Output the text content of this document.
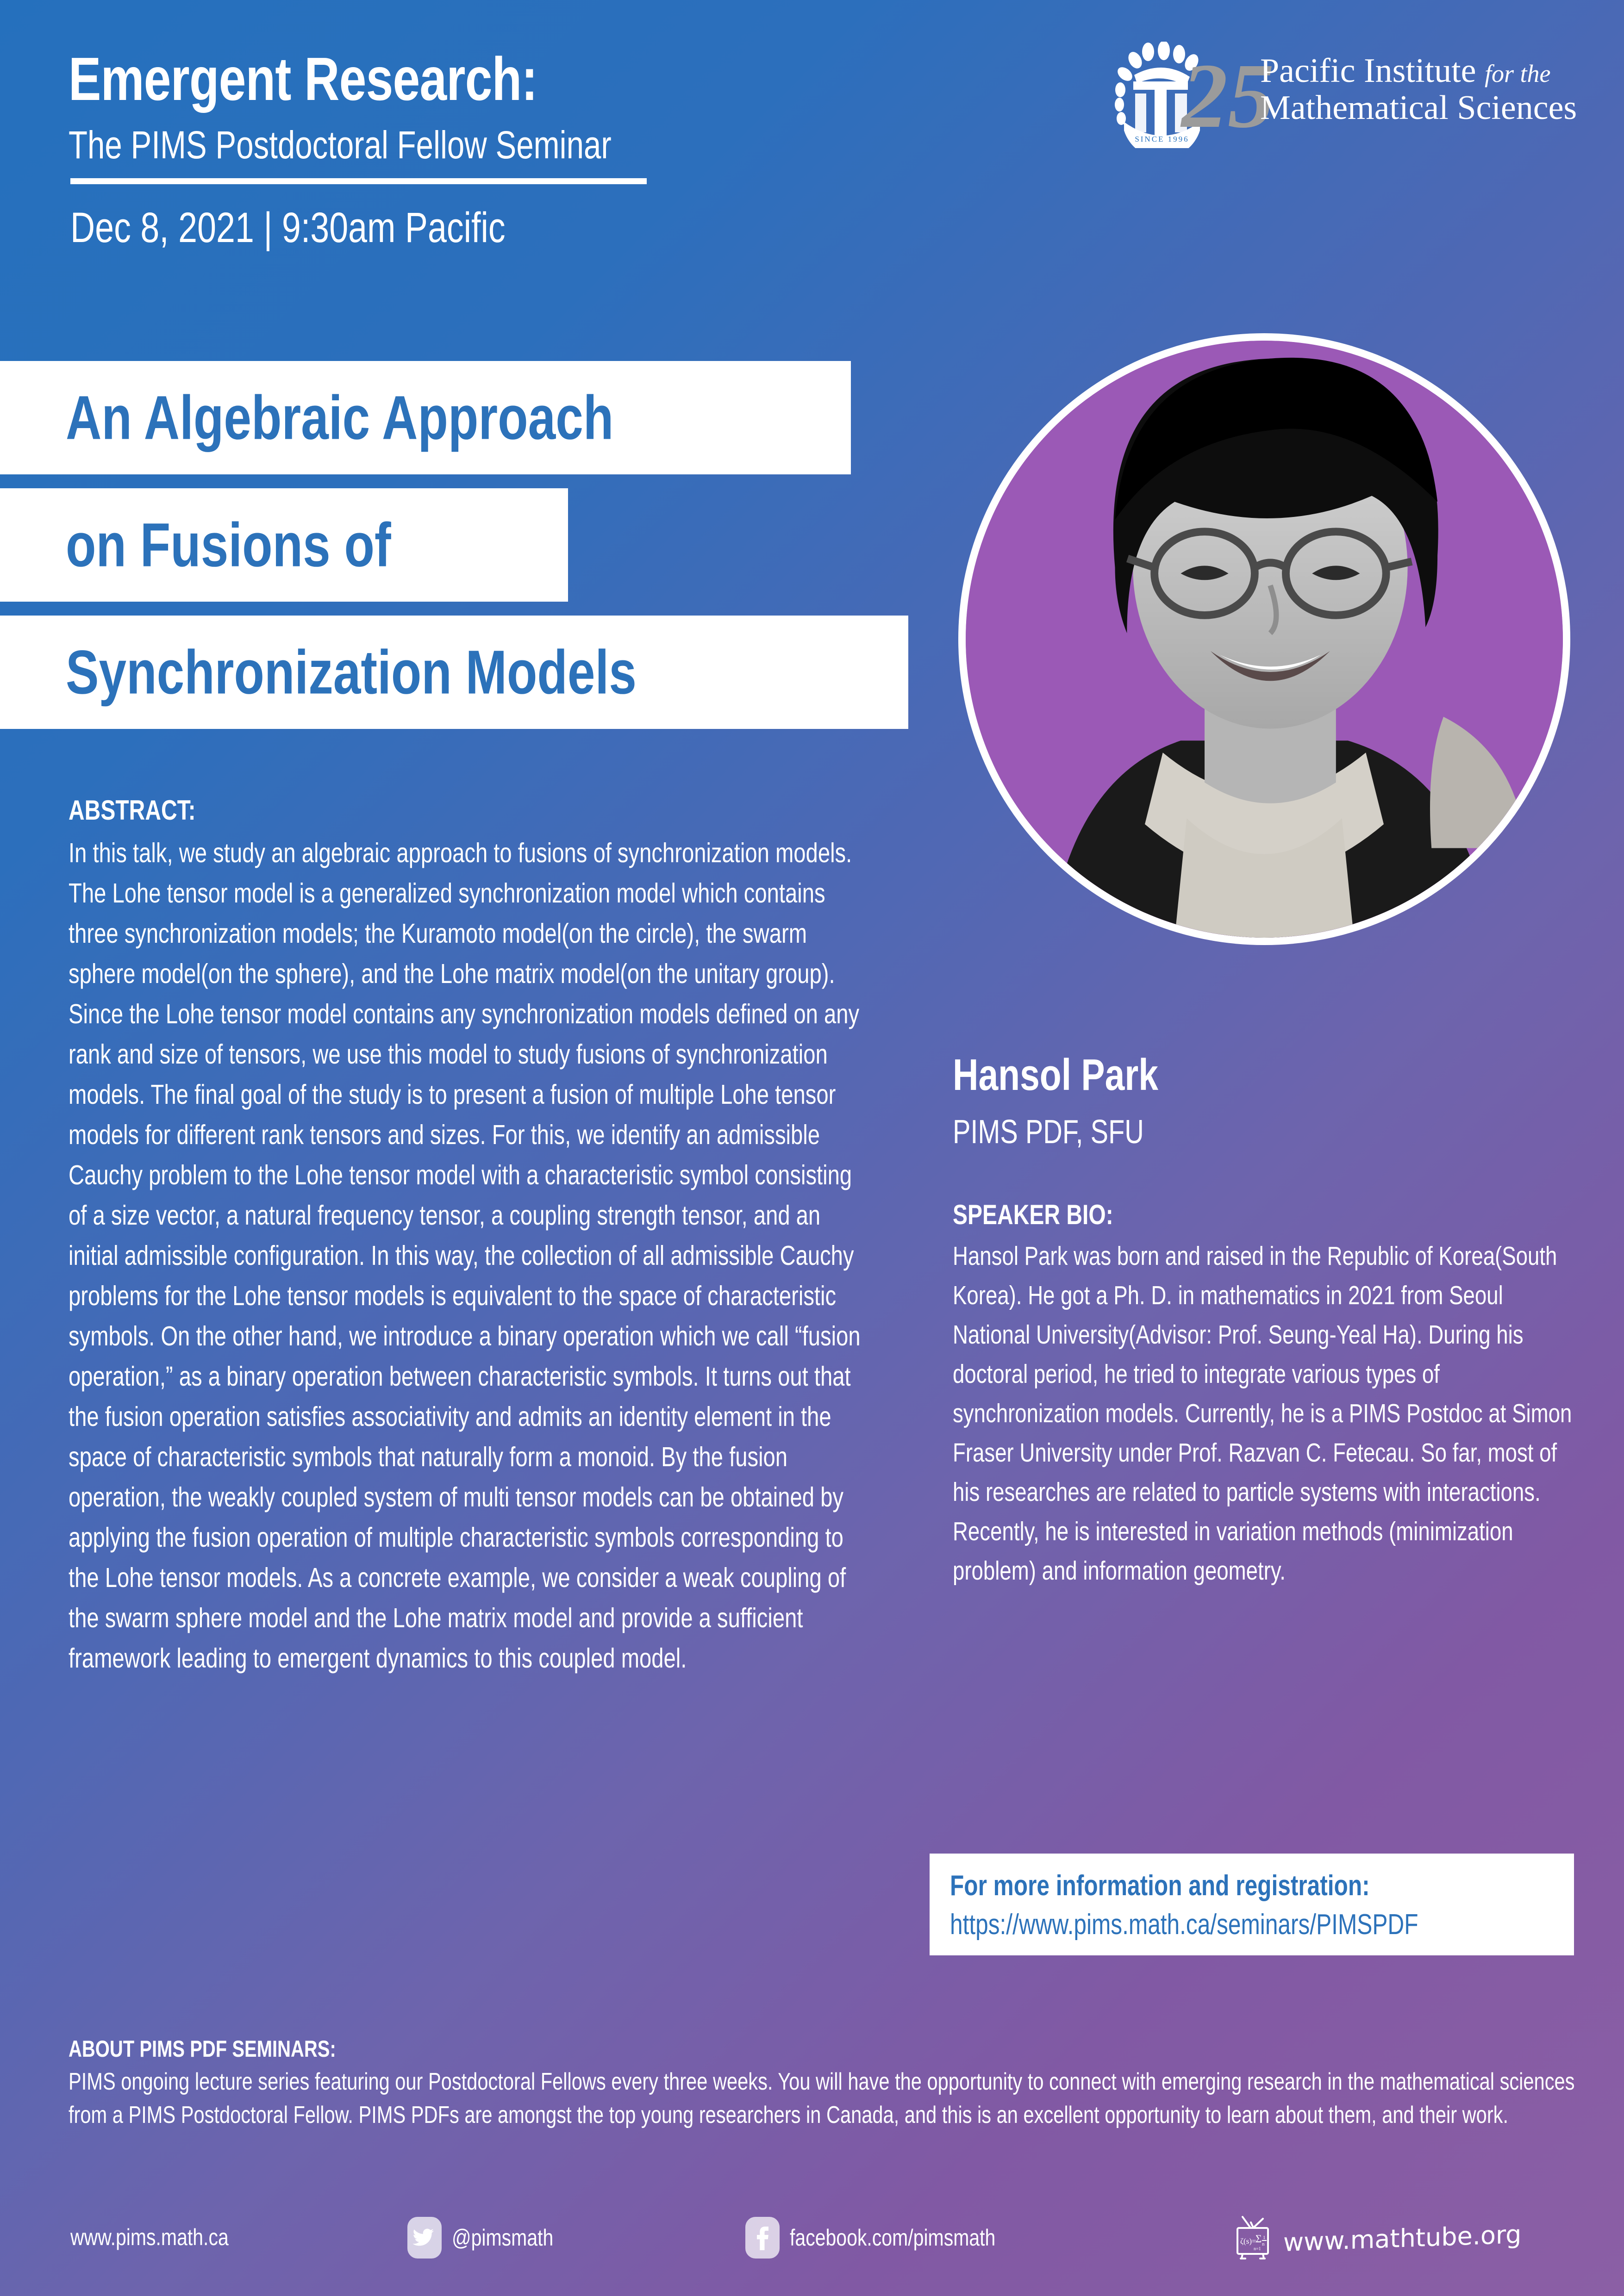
Emergent Research:
The PIMS Postdoctoral Fellow Seminar
Dec 8, 2021 | 9:30am Pacific
SINCE 1996
25
Pacific Institute for the
Mathematical Sciences
An Algebraic Approach
on Fusions of
Synchronization Models
ABSTRACT:
In this talk, we study an algebraic approach to fusions of synchronization models. The Lohe tensor model is a generalized synchronization model which contains three synchronization models; the Kuramoto model(on the circle), the swarm sphere model(on the sphere), and the Lohe matrix model(on the unitary group). Since the Lohe tensor model contains any synchronization models defined on any rank and size of tensors, we use this model to study fusions of synchronization models. The final goal of the study is to present a fusion of multiple Lohe tensor models for different rank tensors and sizes. For this, we identify an admissible Cauchy problem to the Lohe tensor model with a characteristic symbol consisting of a size vector, a natural frequency tensor, a coupling strength tensor, and an initial admissible configuration. In this way, the collection of all admissible Cauchy problems for the Lohe tensor models is equivalent to the space of characteristic symbols. On the other hand, we introduce a binary operation which we call “fusion operation,” as a binary operation between characteristic symbols. It turns out that the fusion operation satisfies associativity and admits an identity element in the space of characteristic symbols that naturally form a monoid. By the fusion operation, the weakly coupled system of multi tensor models can be obtained by applying the fusion operation of multiple characteristic symbols corresponding to the Lohe tensor models. As a concrete example, we consider a weak coupling of the swarm sphere model and the Lohe matrix model and provide a sufficient framework leading to emergent dynamics to this coupled model.
Hansol Park
PIMS PDF, SFU
SPEAKER BIO:
Hansol Park was born and raised in the Republic of Korea(South Korea). He got a Ph. D. in mathematics in 2021 from Seoul National University(Advisor: Prof. Seung-Yeal Ha). During his doctoral period, he tried to integrate various types of synchronization models. Currently, he is a PIMS Postdoc at Simon Fraser University under Prof. Razvan C. Fetecau. So far, most of his researches are related to particle systems with interactions. Recently, he is interested in variation methods (minimization problem) and information geometry.
For more information and registration:
https://www.pims.math.ca/seminars/PIMSPDF
ABOUT PIMS PDF SEMINARS:
PIMS ongoing lecture series featuring our Postdoctoral Fellows every three weeks. You will have the opportunity to connect with emerging research in the mathematical sciences from a PIMS Postdoctoral Fellow. PIMS PDFs are amongst the top young researchers in Canada, and this is an excellent opportunity to learn about them, and their work.
www.pims.math.ca	@pimsmath	facebook.com/pimsmath	ζ(s)=
Σ
n=1
1
n www.mathtube.org
